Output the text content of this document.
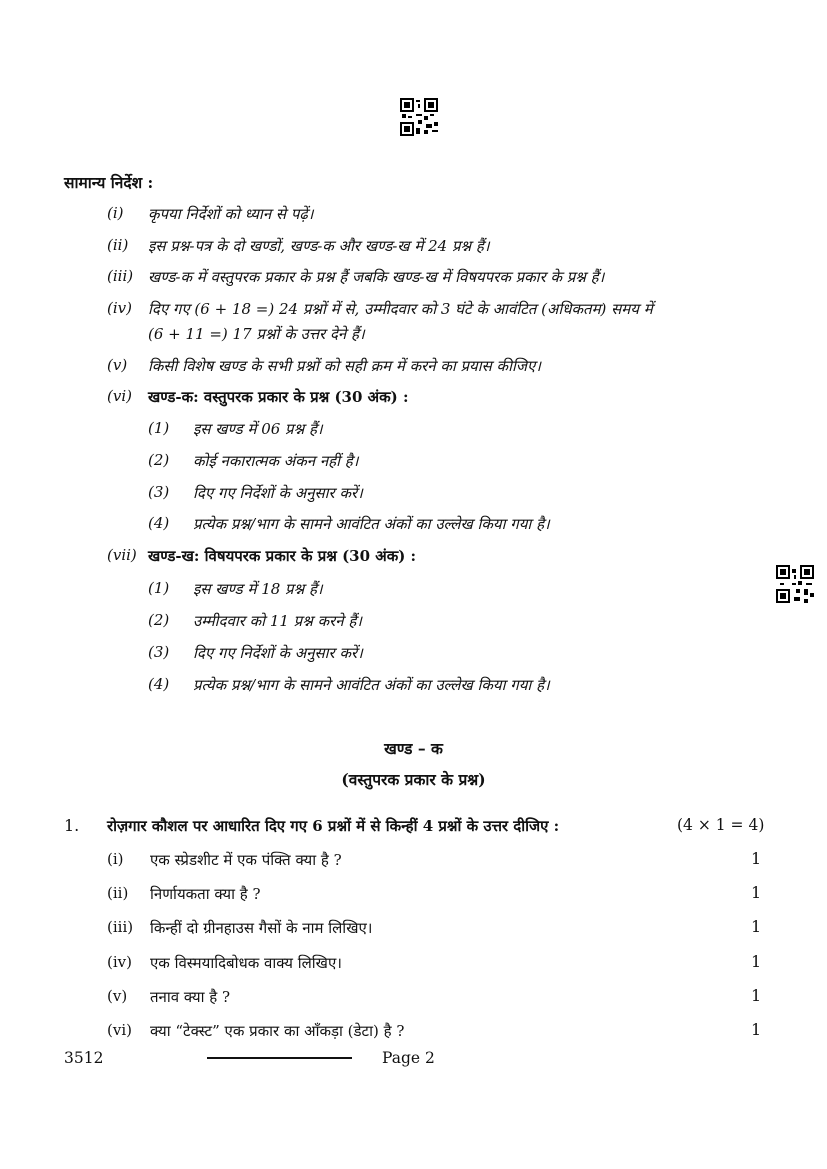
सामान्य निर्देश :
(i) कृपया निर्देशों को ध्यान से पढ़ें।
(ii) इस प्रश्न-पत्र के दो खण्डों, खण्ड-क और खण्ड-ख में 24 प्रश्न हैं।
(iii) खण्ड-क में वस्तुपरक प्रकार के प्रश्न हैं जबकि खण्ड-ख में विषयपरक प्रकार के प्रश्न हैं।
(iv) दिए गए (6 + 18 =) 24 प्रश्नों में से, उम्मीदवार को 3 घंटे के आवंटित (अधिकतम) समय में
(6 + 11 =) 17 प्रश्नों के उत्तर देने हैं।
(v) किसी विशेष खण्ड के सभी प्रश्नों को सही क्रम में करने का प्रयास कीजिए।
(vi) खण्ड-क: वस्तुपरक प्रकार के प्रश्न (30 अंक) :
(1) इस खण्ड में 06 प्रश्न हैं।
(2) कोई नकारात्मक अंकन नहीं है।
(3) दिए गए निर्देशों के अनुसार करें।
(4) प्रत्येक प्रश्न/भाग के सामने आवंटित अंकों का उल्लेख किया गया है।
(vii) खण्ड-ख: विषयपरक प्रकार के प्रश्न (30 अंक) :
(1) इस खण्ड में 18 प्रश्न हैं।
(2) उम्मीदवार को 11 प्रश्न करने हैं।
(3) दिए गए निर्देशों के अनुसार करें।
(4) प्रत्येक प्रश्न/भाग के सामने आवंटित अंकों का उल्लेख किया गया है।
खण्ड – क
(वस्तुपरक प्रकार के प्रश्न)
1. रोज़गार कौशल पर आधारित दिए गए 6 प्रश्नों में से किन्हीं 4 प्रश्नों के उत्तर दीजिए :	(4 × 1 = 4)
(i) एक स्प्रेडशीट में एक पंक्ति क्या है ?	1
(ii) निर्णायकता क्या है ?	1
(iii) किन्हीं दो ग्रीनहाउस गैसों के नाम लिखिए।	1
(iv) एक विस्मयादिबोधक वाक्य लिखिए।	1
(v) तनाव क्या है ?	1
(vi) क्या “टेक्स्ट” एक प्रकार का आँकड़ा (डेटा) है ?	1
3512	Page 2
